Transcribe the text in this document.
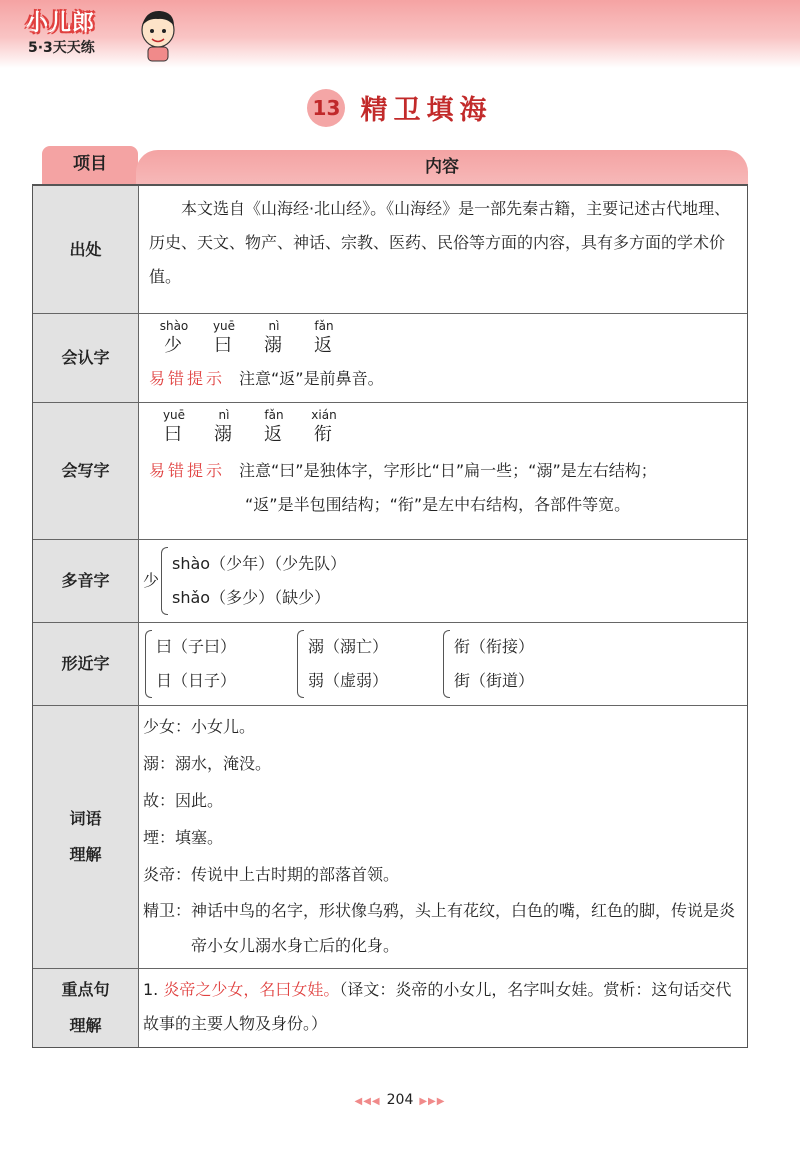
小儿郎
5·3天天练
13 精卫填海
项目	内容
出处
本文选自《山海经·北山经》。《山海经》是一部先秦古籍，主要记述古代地理、历史、天文、物产、神话、宗教、医药、民俗等方面的内容，具有多方面的学术价值。
会认字
shào
少
yuē
曰
nì
溺
fǎn
返
易错提示 注意“返”是前鼻音。
会写字
yuē
曰
nì
溺
fǎn
返
xián
衔
易错提示 注意“曰”是独体字，字形比“日”扁一些；“溺”是左右结构；
“返”是半包围结构；“衔”是左中右结构，各部件等宽。
多音字	少
shào（少年）（少先队）
shǎo（多少）（缺少）
形近字
曰（子曰）
日（日子）
溺（溺亡）
弱（虚弱）
衔（衔接）
街（街道）
词语
理解
少女：小女儿。
溺：溺水，淹没。
故：因此。
堙：填塞。
炎帝：传说中上古时期的部落首领。
精卫：神话中鸟的名字，形状像乌鸦，头上有花纹，白色的嘴，红色的脚，传说是炎帝小女儿溺水身亡后的化身。
重点句
理解
1. 炎帝之少女，名曰女娃。（译文：炎帝的小女儿，名字叫女娃。赏析：这句话交代故事的主要人物及身份。）
◀◀◀ 204 ▶▶▶
